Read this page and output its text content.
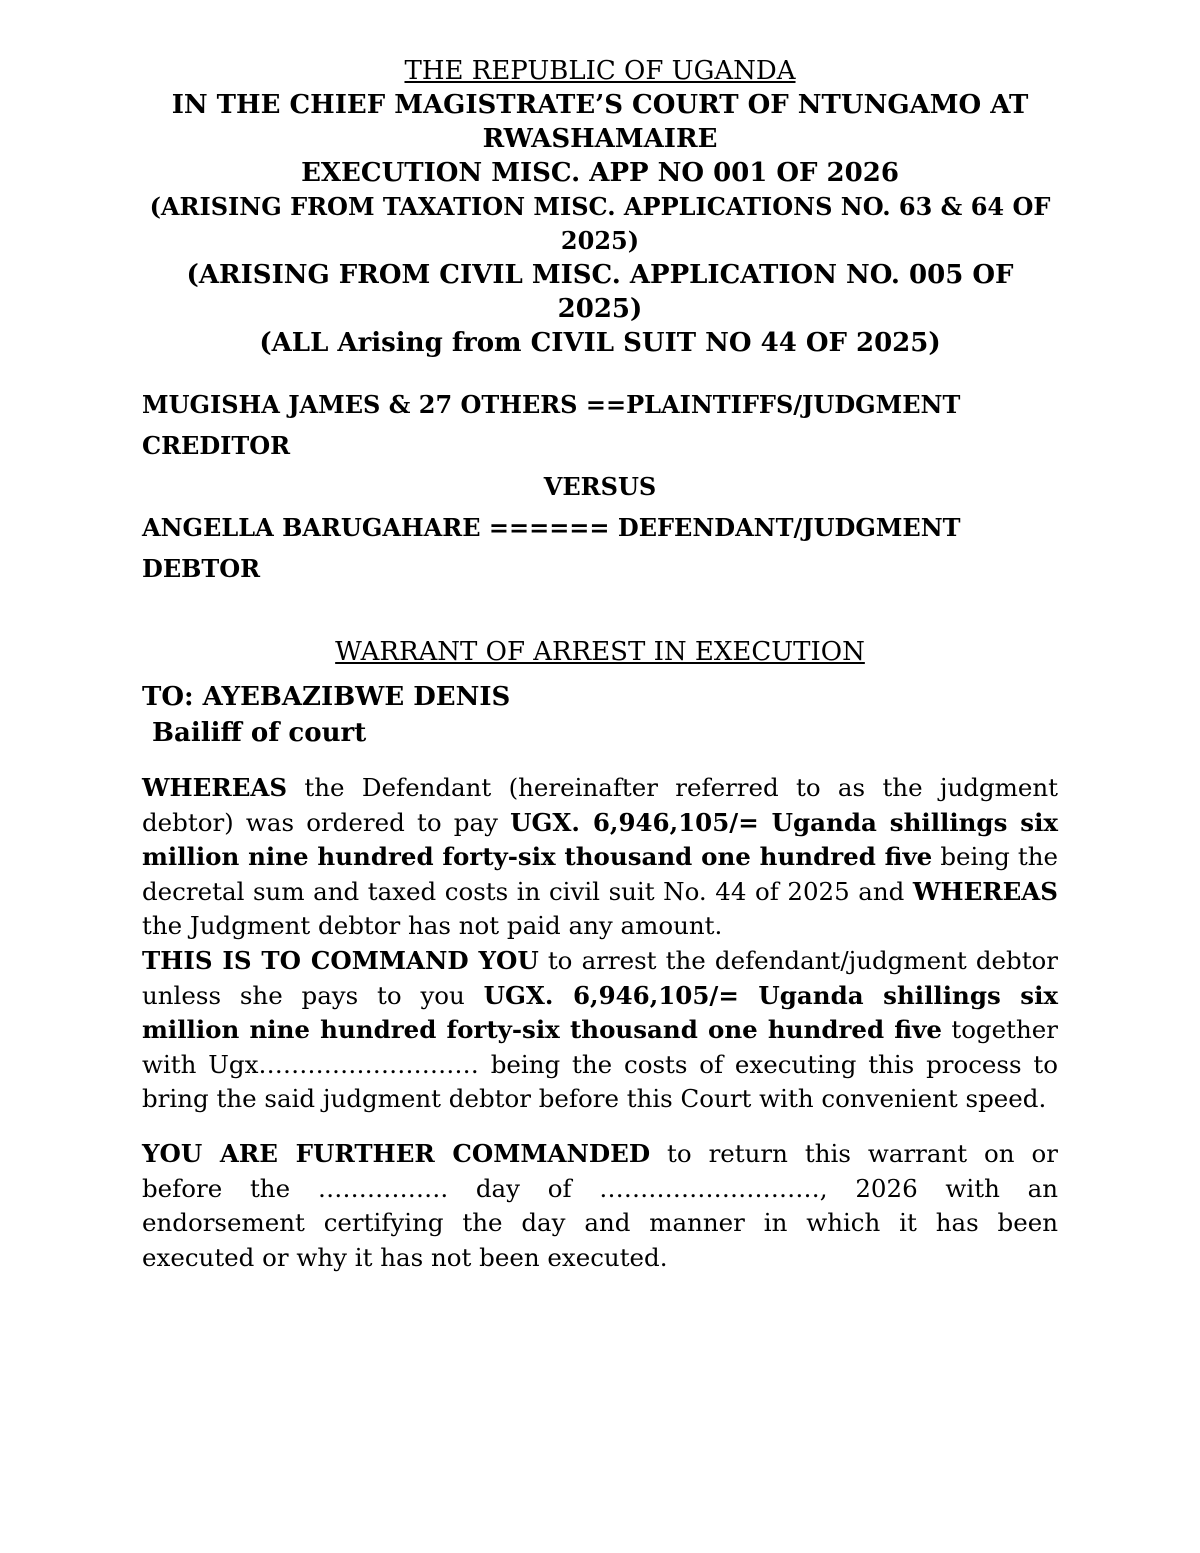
THE REPUBLIC OF UGANDA
IN THE CHIEF MAGISTRATE’S COURT OF NTUNGAMO AT RWASHAMAIRE
EXECUTION MISC. APP NO 001 OF 2026
(ARISING FROM TAXATION MISC. APPLICATIONS NO. 63 & 64 OF 2025)
(ARISING FROM CIVIL MISC. APPLICATION NO. 005 OF 2025)
(ALL Arising from CIVIL SUIT NO 44 OF 2025)
MUGISHA JAMES & 27 OTHERS ==PLAINTIFFS/JUDGMENT CREDITOR
VERSUS
ANGELLA BARUGAHARE ====== DEFENDANT/JUDGMENT DEBTOR
WARRANT OF ARREST IN EXECUTION
TO: AYEBAZIBWE DENIS
Bailiff of court

WHEREAS the Defendant (hereinafter referred to as the judgment debtor) was ordered to pay UGX. 6,946,105/= Uganda shillings six million nine hundred forty-six thousand one hundred five being the decretal sum and taxed costs in civil suit No. 44 of 2025 and WHEREAS the Judgment debtor has not paid any amount.

THIS IS TO COMMAND YOU to arrest the defendant/judgment debtor unless she pays to you UGX. 6,946,105/= Uganda shillings six million nine hundred forty-six thousand one hundred five together with Ugx……………………… being the costs of executing this process to bring the said judgment debtor before this Court with convenient speed.

YOU ARE FURTHER COMMANDED to return this warrant on or before the ……………. day of ………………………, 2026 with an endorsement certifying the day and manner in which it has been executed or why it has not been executed.
